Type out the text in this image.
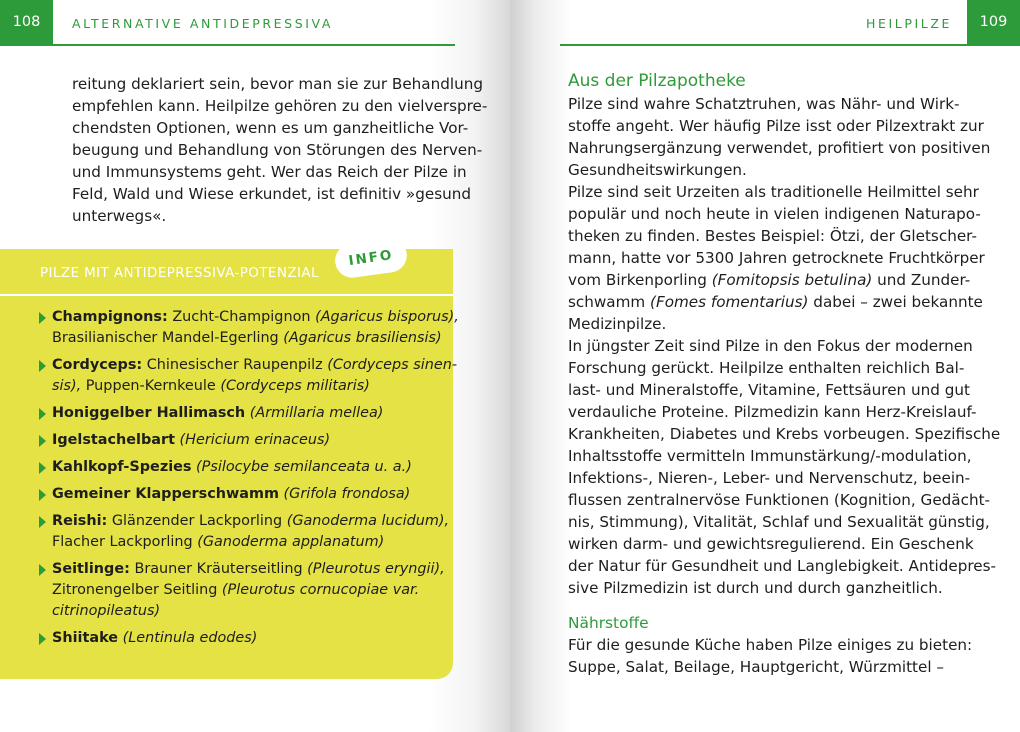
108	ALTERNATIVE ANTIDEPRESSIVA
reitung deklariert sein, bevor man sie zur Behandlung
empfehlen kann. Heilpilze gehören zu den vielverspre-
chendsten Optionen, wenn es um ganzheitliche Vor-
beugung und Behandlung von Störungen des Nerven-
und Immunsystems geht. Wer das Reich der Pilze in
Feld, Wald und Wiese erkundet, ist definitiv »gesund
unterwegs«.
PILZE MIT ANTIDEPRESSIVA-POTENZIAL
INFO
Champignons: Zucht-Champignon (Agaricus bisporus),
Brasilianischer Mandel-Egerling (Agaricus brasiliensis)
Cordyceps: Chinesischer Raupenpilz (Cordyceps sinen-
sis), Puppen-Kernkeule (Cordyceps militaris)
Honiggelber Hallimasch (Armillaria mellea)
Igelstachelbart (Hericium erinaceus)
Kahlkopf-Spezies (Psilocybe semilanceata u. a.)
Gemeiner Klapperschwamm (Grifola frondosa)
Reishi: Glänzender Lackporling (Ganoderma lucidum),
Flacher Lackporling (Ganoderma applanatum)
Seitlinge: Brauner Kräuterseitling (Pleurotus eryngii),
Zitronengelber Seitling (Pleurotus cornucopiae var.
citrinopileatus)
Shiitake (Lentinula edodes)
109
HEILPILZE
Aus der Pilzapotheke
Pilze sind wahre Schatztruhen, was Nähr- und Wirk-
stoffe angeht. Wer häufig Pilze isst oder Pilzextrakt zur
Nahrungsergänzung verwendet, profitiert von positiven
Gesundheitswirkungen.
Pilze sind seit Urzeiten als traditionelle Heilmittel sehr
populär und noch heute in vielen indigenen Naturapo-
theken zu finden. Bestes Beispiel: Ötzi, der Gletscher-
mann, hatte vor 5300 Jahren getrocknete Fruchtkörper
vom Birkenporling (Fomitopsis betulina) und Zunder-
schwamm (Fomes fomentarius) dabei – zwei bekannte
Medizinpilze.
In jüngster Zeit sind Pilze in den Fokus der modernen
Forschung gerückt. Heilpilze enthalten reichlich Bal-
last- und Mineralstoffe, Vitamine, Fettsäuren und gut
verdauliche Proteine. Pilzmedizin kann Herz-Kreislauf-
Krankheiten, Diabetes und Krebs vorbeugen. Spezifische
Inhaltsstoffe vermitteln Immunstärkung/-modulation,
Infektions-, Nieren-, Leber- und Nervenschutz, beein-
flussen zentralnervöse Funktionen (Kognition, Gedächt-
nis, Stimmung), Vitalität, Schlaf und Sexualität günstig,
wirken darm- und gewichtsregulierend. Ein Geschenk
der Natur für Gesundheit und Langlebigkeit. Antidepres-
sive Pilzmedizin ist durch und durch ganzheitlich.
Nährstoffe
Für die gesunde Küche haben Pilze einiges zu bieten:
Suppe, Salat, Beilage, Hauptgericht, Würzmittel –
